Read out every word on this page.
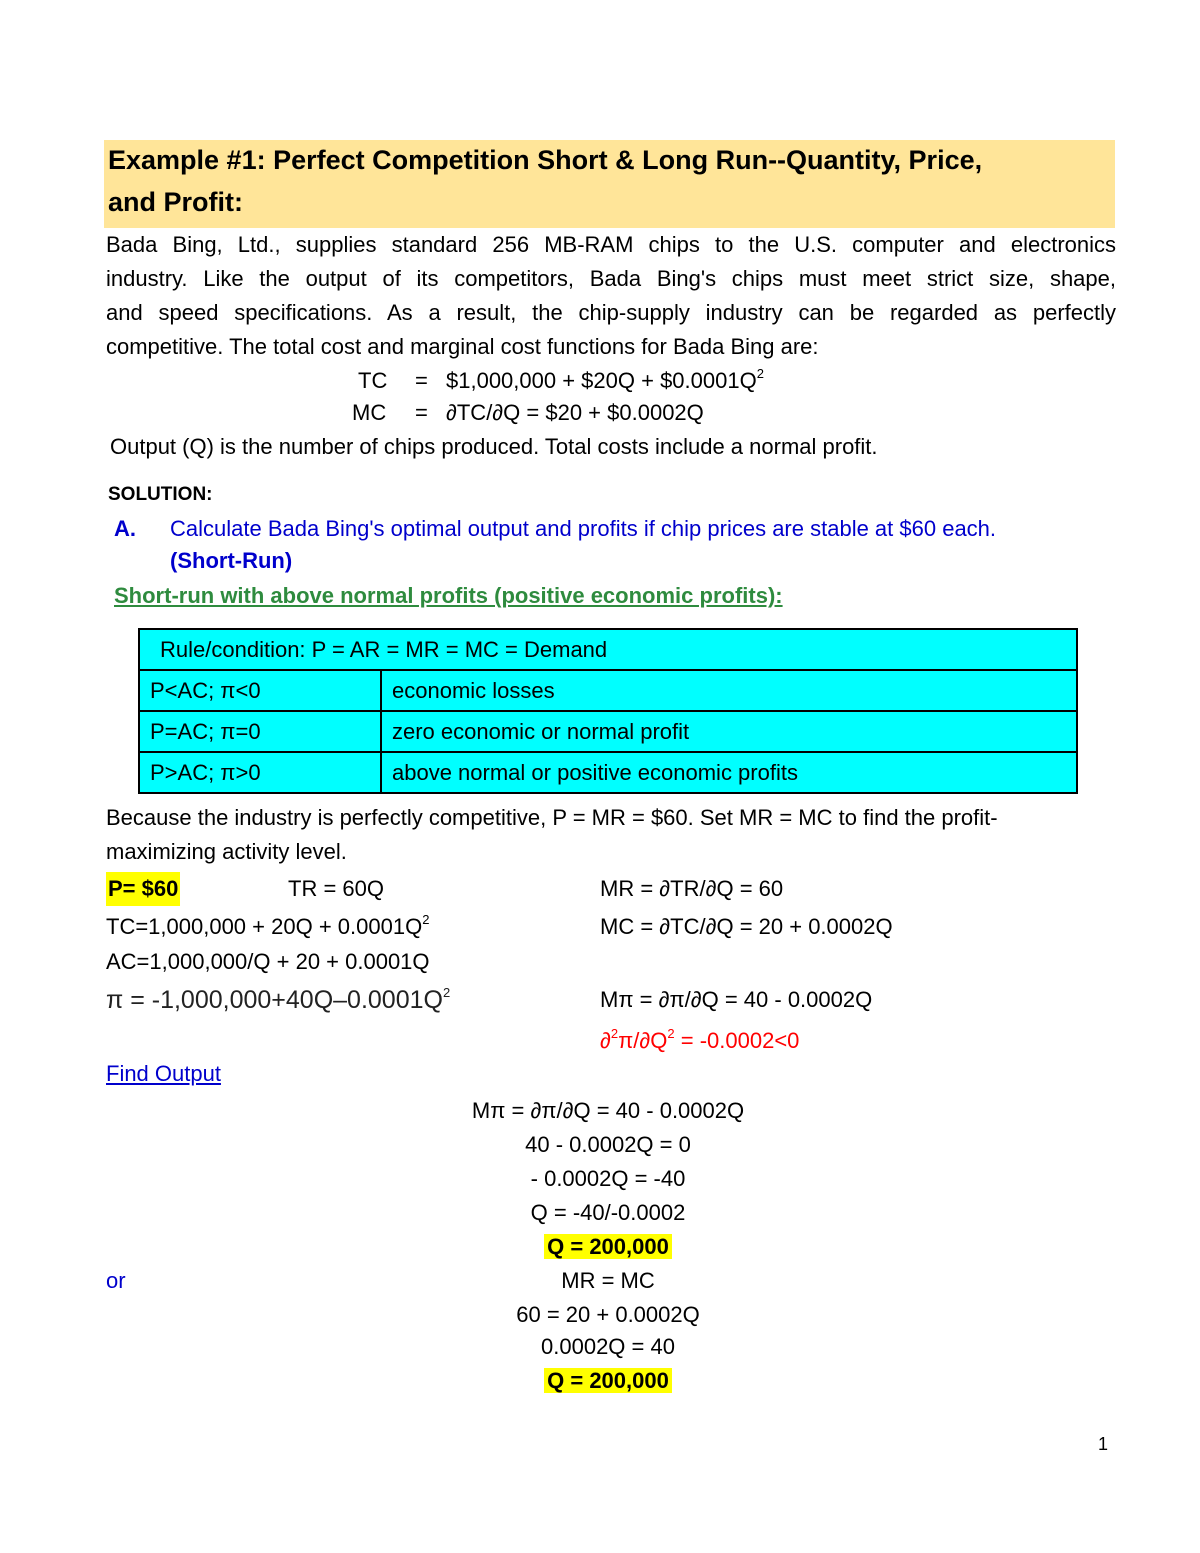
Example #1: Perfect Competition Short & Long Run--Quantity, Price,
and Profit:
Bada Bing, Ltd., supplies standard 256 MB-RAM chips to the U.S. computer and electronics
industry. Like the output of its competitors, Bada Bing's chips must meet strict size, shape,
and speed specifications. As a result, the chip-supply industry can be regarded as perfectly
competitive. The total cost and marginal cost functions for Bada Bing are:
TC = $1,000,000 + $20Q + $\$0.0001Q^2$
MC = ∂TC/∂Q = $20 + $0.0002Q
Output (Q) is the number of chips produced. Total costs include a normal profit.
SOLUTION:
A. Calculate Bada Bing's optimal output and profits if chip prices are stable at $60 each.
(Short-Run)
Short-run with above normal profits (positive economic profits):
Rule/condition: P = AR = MR = MC = Demand	
P<AC; π<0	economic losses
P=AC; π=0	zero economic or normal profit
P>AC; π>0	above normal or positive economic profits
Because the industry is perfectly competitive, P = MR = $60. Set MR = MC to find the profit-
maximizing activity level.
P= $60	TR = 60Q	MR = ∂TR/∂Q = 60
$TC=1,000,000 + 20Q + 0.0001Q^2$	MC = ∂TC/∂Q = 20 + 0.0002Q
AC=1,000,000/Q + 20 + 0.0001Q
$\pi = -1,000,000+40Q-0.0001Q^2$	Mπ = ∂π/∂Q = 40 - 0.0002Q
$\partial^2\pi/\partial Q^2 = -0.0002<0$
Find Output
Mπ = ∂π/∂Q = 40 - 0.0002Q
40 - 0.0002Q = 0
- 0.0002Q = -40
Q = -40/-0.0002
Q = 200,000
or	MR = MC
60 = 20 + 0.0002Q
0.0002Q = 40
Q = 200,000
1
